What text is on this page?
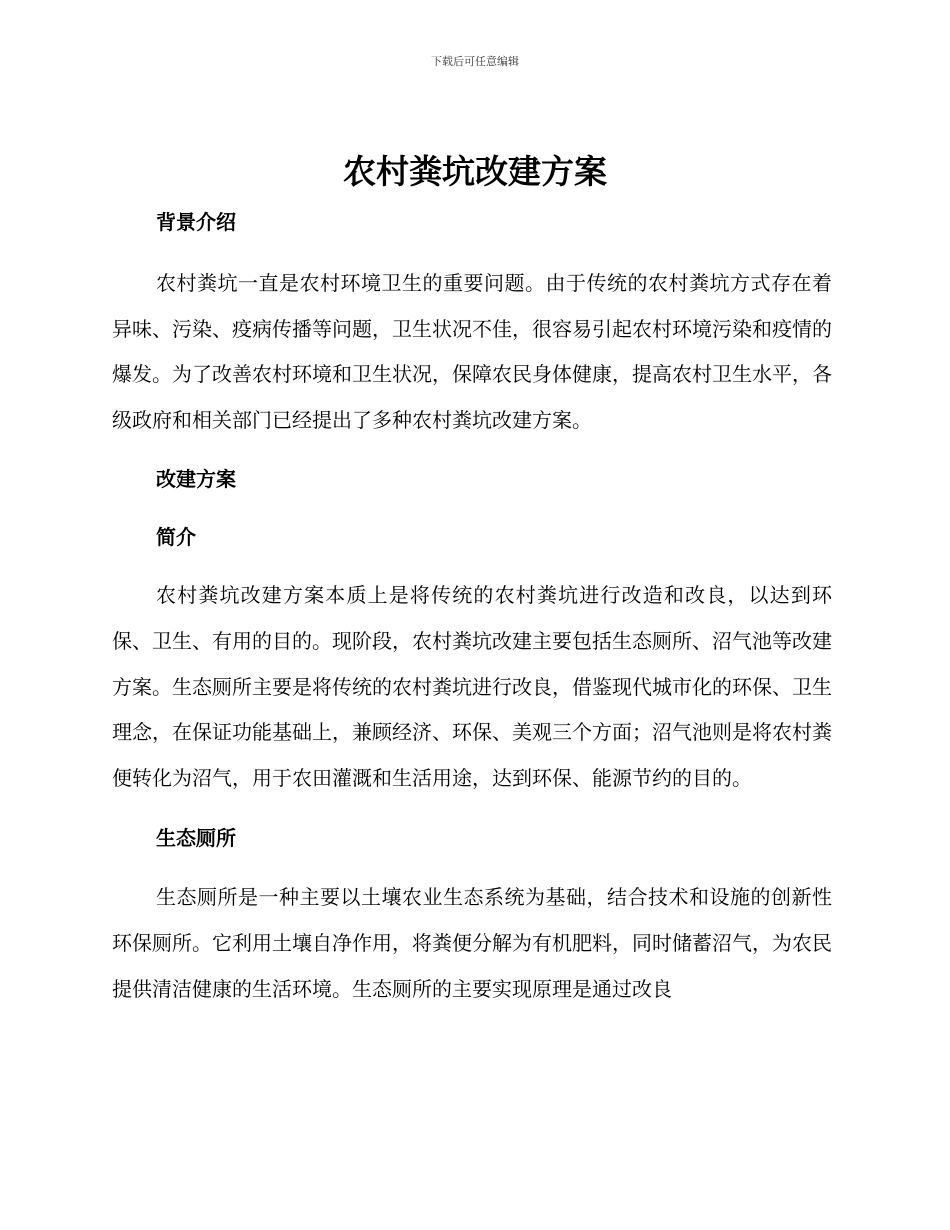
下载后可任意编辑
农村粪坑改建方案
背景介绍

农村粪坑一直是农村环境卫生的重要问题。由于传统的农村粪坑方式存在着异味、污染、疫病传播等问题，卫生状况不佳，很容易引起农村环境污染和疫情的爆发。为了改善农村环境和卫生状况，保障农民身体健康，提高农村卫生水平，各级政府和相关部门已经提出了多种农村粪坑改建方案。

改建方案
简介

农村粪坑改建方案本质上是将传统的农村粪坑进行改造和改良，以达到环保、卫生、有用的目的。现阶段，农村粪坑改建主要包括生态厕所、沼气池等改建方案。生态厕所主要是将传统的农村粪坑进行改良，借鉴现代城市化的环保、卫生理念，在保证功能基础上，兼顾经济、环保、美观三个方面；沼气池则是将农村粪便转化为沼气，用于农田灌溉和生活用途，达到环保、能源节约的目的。

生态厕所

生态厕所是一种主要以土壤农业生态系统为基础，结合技术和设施的创新性环保厕所。它利用土壤自净作用，将粪便分解为有机肥料，同时储蓄沼气，为农民提供清洁健康的生活环境。生态厕所的主要实现原理是通过改良
